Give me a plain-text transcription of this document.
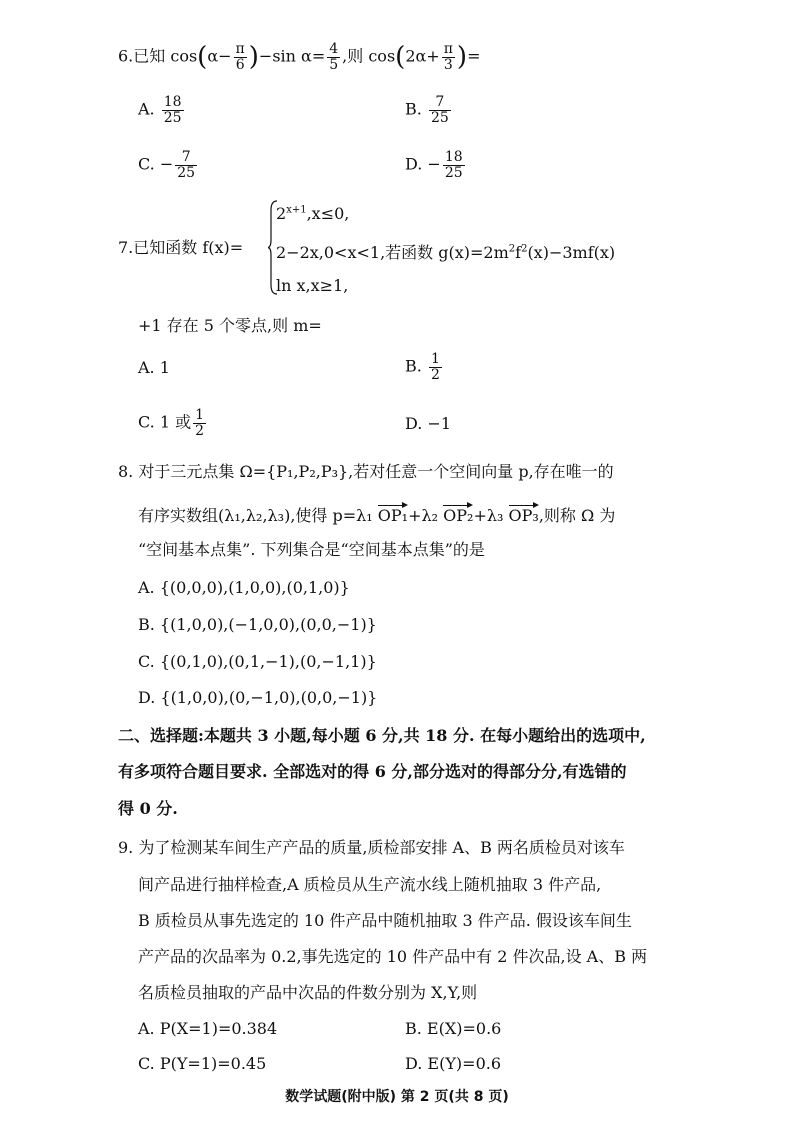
6.已知 $\cos(\alpha- \frac{\pi}{6} )-\sin$ $\alpha= \frac{4}{5}$ ,则 $\cos(2\alpha+ \frac{\pi}{3}$ )=
A. $\frac{18}{25}$	B. $\frac{7}{25}$
C. − $\frac{7}{25}$	D. − $\frac{18}{25}$
7.已知函数 f(x)=
$2^{x+1},x\le 0$,
2−2x,0<x<1,若函数 $g(x)=2m^2f^2(x)-3mf(x)$
ln x,x≥1,
+1 存在 5 个零点,则 m=
A. 1	B. $\frac{1}{2}$
C. 1 或 $\frac{1}{2}$	D. −1
8. 对于三元点集 Ω={P₁,P₂,P₃},若对任意一个空间向量 p,存在唯一的
有序实数组(λ₁,λ₂,λ₃),使得 p=λ₁ OP₁+λ₂ OP₂+λ₃ OP₃,则称 Ω 为
“空间基本点集”. 下列集合是“空间基本点集”的是
A. {(0,0,0),(1,0,0),(0,1,0)}
B. {(1,0,0),(−1,0,0),(0,0,−1)}
C. {(0,1,0),(0,1,−1),(0,−1,1)}
D. {(1,0,0),(0,−1,0),(0,0,−1)}
二、选择题:本题共 3 小题,每小题 6 分,共 18 分. 在每小题给出的选项中,
有多项符合题目要求. 全部选对的得 6 分,部分选对的得部分分,有选错的
得 0 分.
9. 为了检测某车间生产产品的质量,质检部安排 A、B 两名质检员对该车
间产品进行抽样检查,A 质检员从生产流水线上随机抽取 3 件产品,
B 质检员从事先选定的 10 件产品中随机抽取 3 件产品. 假设该车间生
产产品的次品率为 0.2,事先选定的 10 件产品中有 2 件次品,设 A、B 两
名质检员抽取的产品中次品的件数分别为 X,Y,则
A. P(X=1)=0.384	B. E(X)=0.6
C. P(Y=1)=0.45	D. E(Y)=0.6
数学试题(附中版) 第 2 页(共 8 页)
